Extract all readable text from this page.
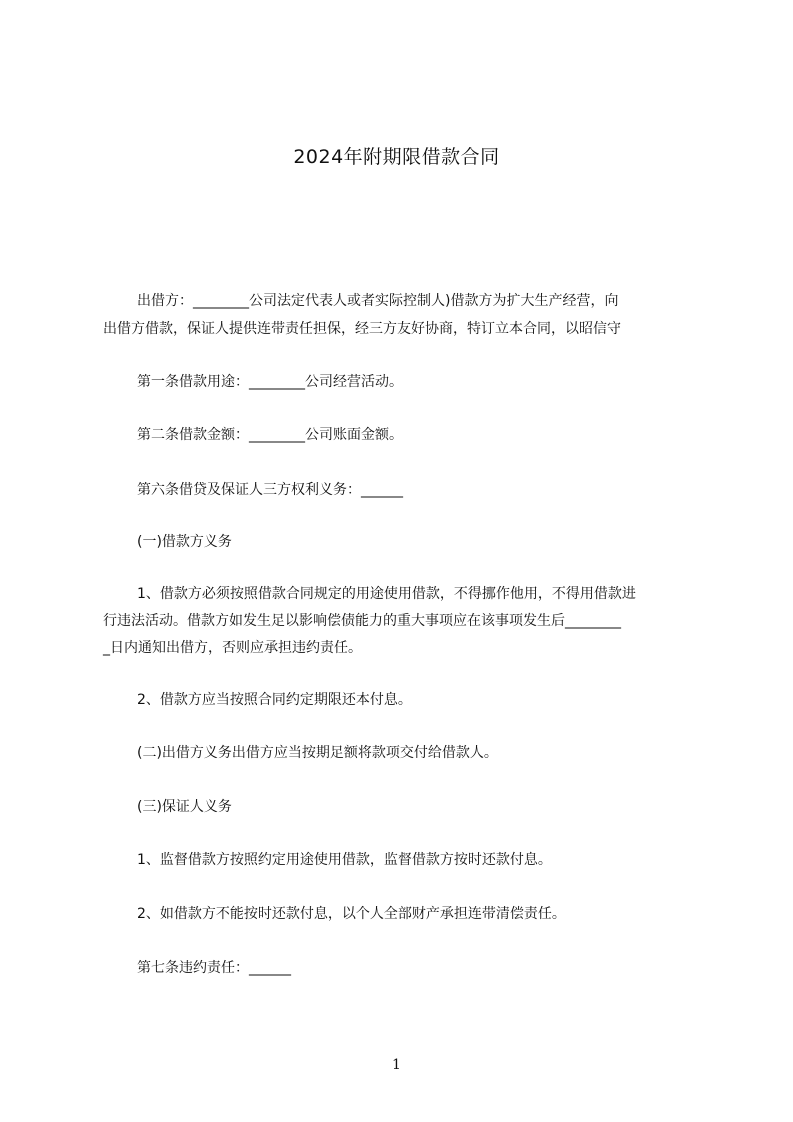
2024年附期限借款合同

出借方：________公司法定代表人或者实际控制人)借款方为扩大生产经营，向

出借方借款，保证人提供连带责任担保，经三方友好协商，特订立本合同，以昭信守

第一条借款用途：________公司经营活动。

第二条借款金额：________公司账面金额。

第六条借贷及保证人三方权利义务：______

(一)借款方义务

1、借款方必须按照借款合同规定的用途使用借款，不得挪作他用，不得用借款进

行违法活动。借款方如发生足以影响偿债能力的重大事项应在该事项发生后________

_日内通知出借方，否则应承担违约责任。

2、借款方应当按照合同约定期限还本付息。

(二)出借方义务出借方应当按期足额将款项交付给借款人。

(三)保证人义务

1、监督借款方按照约定用途使用借款，监督借款方按时还款付息。

2、如借款方不能按时还款付息，以个人全部财产承担连带清偿责任。

第七条违约责任：______

1
